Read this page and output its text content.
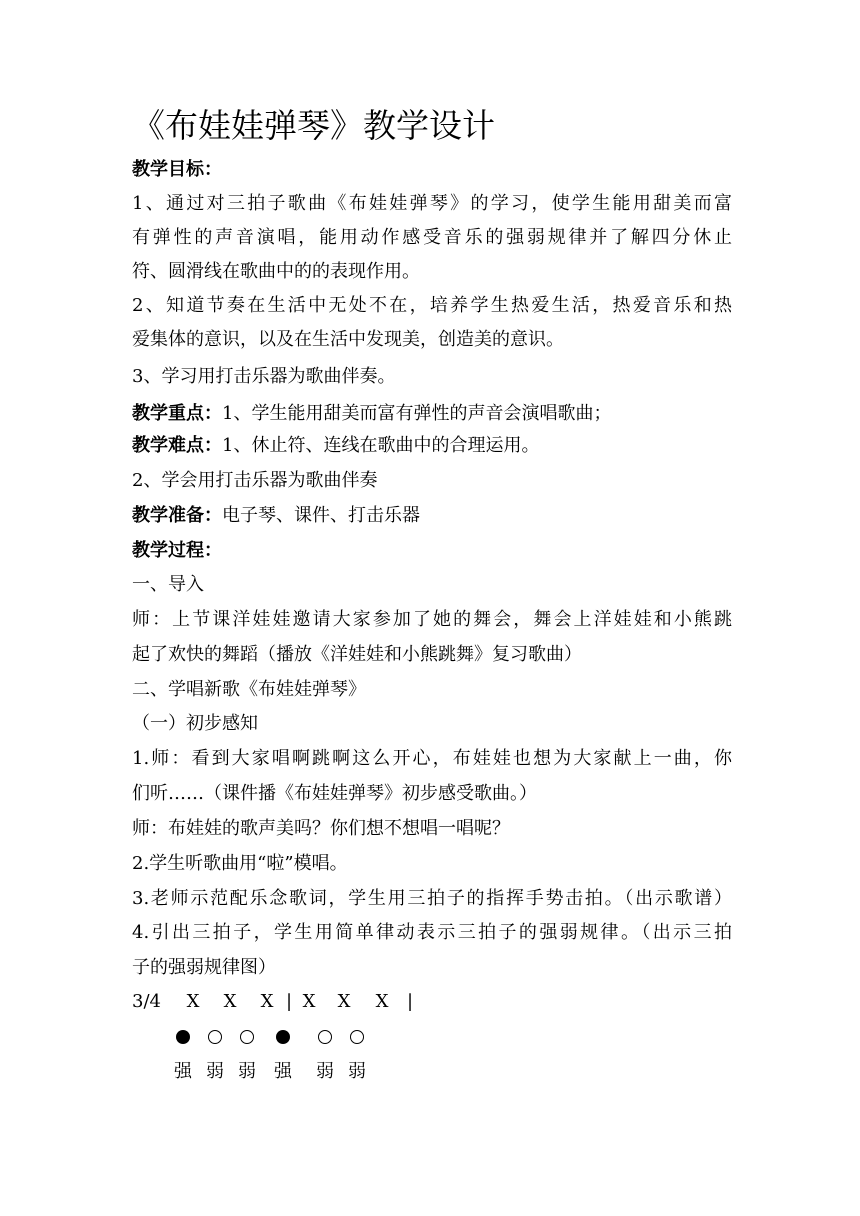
《布娃娃弹琴》教学设计
教学目标：
1、通过对三拍子歌曲《布娃娃弹琴》的学习，使学生能用甜美而富
有弹性的声音演唱，能用动作感受音乐的强弱规律并了解四分休止
符、圆滑线在歌曲中的的表现作用。
2、知道节奏在生活中无处不在，培养学生热爱生活，热爱音乐和热
爱集体的意识，以及在生活中发现美，创造美的意识。
3、学习用打击乐器为歌曲伴奏。
教学重点：1、学生能用甜美而富有弹性的声音会演唱歌曲；
教学难点：1、休止符、连线在歌曲中的合理运用。
2、学会用打击乐器为歌曲伴奏
教学准备：电子琴、课件、打击乐器
教学过程：
一、导入
师：上节课洋娃娃邀请大家参加了她的舞会，舞会上洋娃娃和小熊跳
起了欢快的舞蹈（播放《洋娃娃和小熊跳舞》复习歌曲）
二、学唱新歌《布娃娃弹琴》
（一）初步感知
1.师：看到大家唱啊跳啊这么开心，布娃娃也想为大家献上一曲，你
们听……（课件播《布娃娃弹琴》初步感受歌曲。）
师：布娃娃的歌声美吗？你们想不想唱一唱呢？
2.学生听歌曲用“啦”模唱。
3.老师示范配乐念歌词，学生用三拍子的指挥手势击拍。（出示歌谱）
4.引出三拍子，学生用简单律动表示三拍子的强弱规律。（出示三拍
子的强弱规律图）
3/4 X X X | X X X |
强 弱 弱 强 弱 弱
